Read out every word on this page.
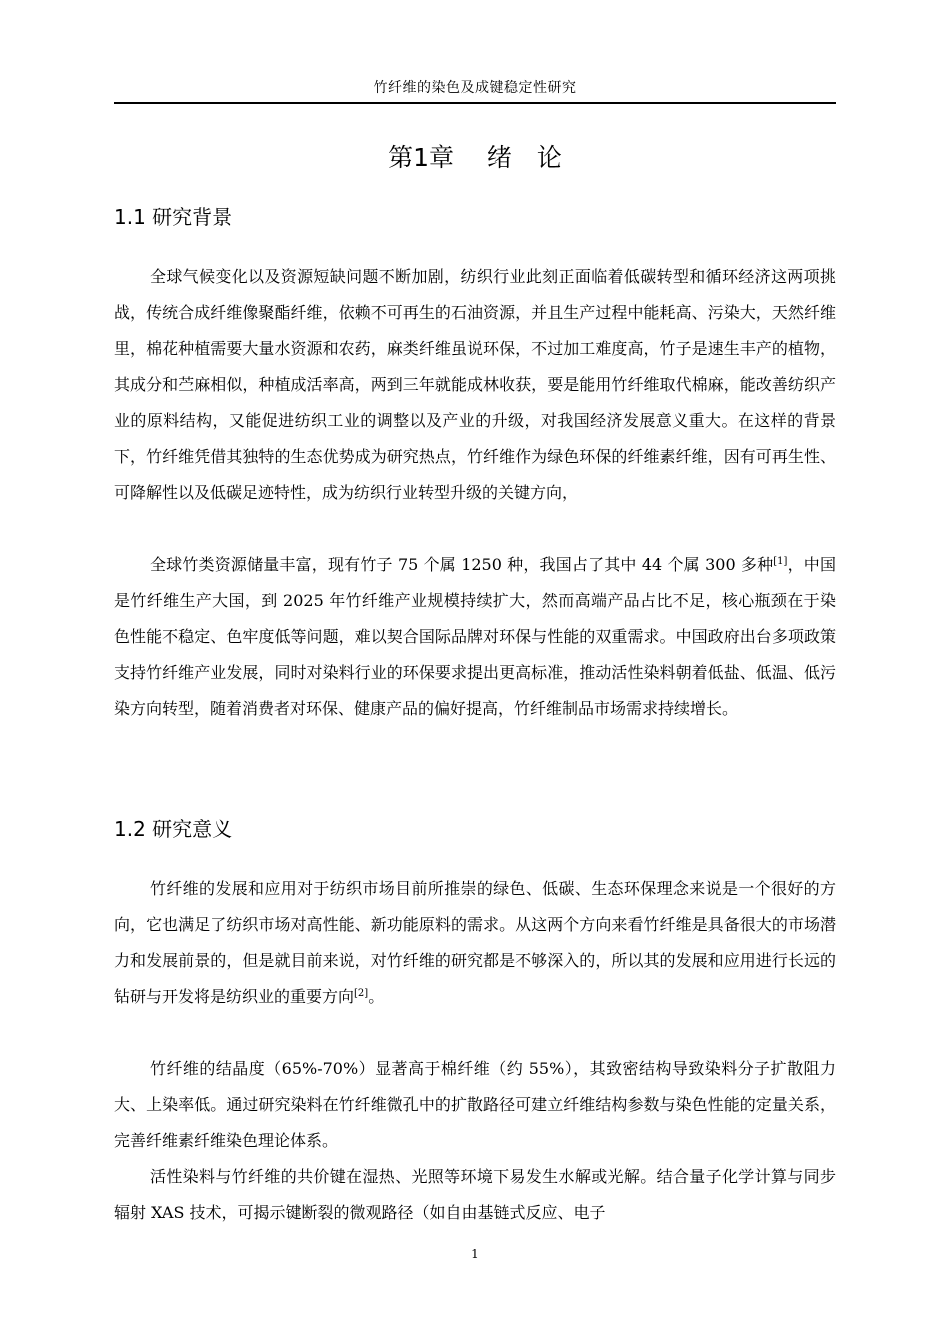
竹纤维的染色及成键稳定性研究
第1章　 绪　论
1.1 研究背景

全球气候变化以及资源短缺问题不断加剧，纺织行业此刻正面临着低碳转型和循环经济这两项挑战，传统合成纤维像聚酯纤维，依赖不可再生的石油资源，并且生产过程中能耗高、污染大，天然纤维里，棉花种植需要大量水资源和农药，麻类纤维虽说环保，不过加工难度高，竹子是速生丰产的植物，其成分和苎麻相似，种植成活率高，两到三年就能成林收获，要是能用竹纤维取代棉麻，能改善纺织产业的原料结构，又能促进纺织工业的调整以及产业的升级，对我国经济发展意义重大。在这样的背景下，竹纤维凭借其独特的生态优势成为研究热点，竹纤维作为绿色环保的纤维素纤维，因有可再生性、可降解性以及低碳足迹特性，成为纺织行业转型升级的关键方向，

全球竹类资源储量丰富，现有竹子 75 个属 1250 种，我国占了其中 44 个属 300 多种[1]，中国是竹纤维生产大国，到 2025 年竹纤维产业规模持续扩大，然而高端产品占比不足，核心瓶颈在于染色性能不稳定、色牢度低等问题，难以契合国际品牌对环保与性能的双重需求。中国政府出台多项政策支持竹纤维产业发展，同时对染料行业的环保要求提出更高标准，推动活性染料朝着低盐、低温、低污染方向转型，随着消费者对环保、健康产品的偏好提高，竹纤维制品市场需求持续增长。

1.2 研究意义

竹纤维的发展和应用对于纺织市场目前所推崇的绿色、低碳、生态环保理念来说是一个很好的方向，它也满足了纺织市场对高性能、新功能原料的需求。从这两个方向来看竹纤维是具备很大的市场潜力和发展前景的，但是就目前来说，对竹纤维的研究都是不够深入的，所以其的发展和应用进行长远的钻研与开发将是纺织业的重要方向[2]。

竹纤维的结晶度（65%-70%）显著高于棉纤维（约 55%），其致密结构导致染料分子扩散阻力大、上染率低。通过研究染料在竹纤维微孔中的扩散路径可建立纤维结构参数与染色性能的定量关系，完善纤维素纤维染色理论体系。

活性染料与竹纤维的共价键在湿热、光照等环境下易发生水解或光解。结合量子化学计算与同步辐射 XAS 技术，可揭示键断裂的微观路径（如自由基链式反应、电子

1
